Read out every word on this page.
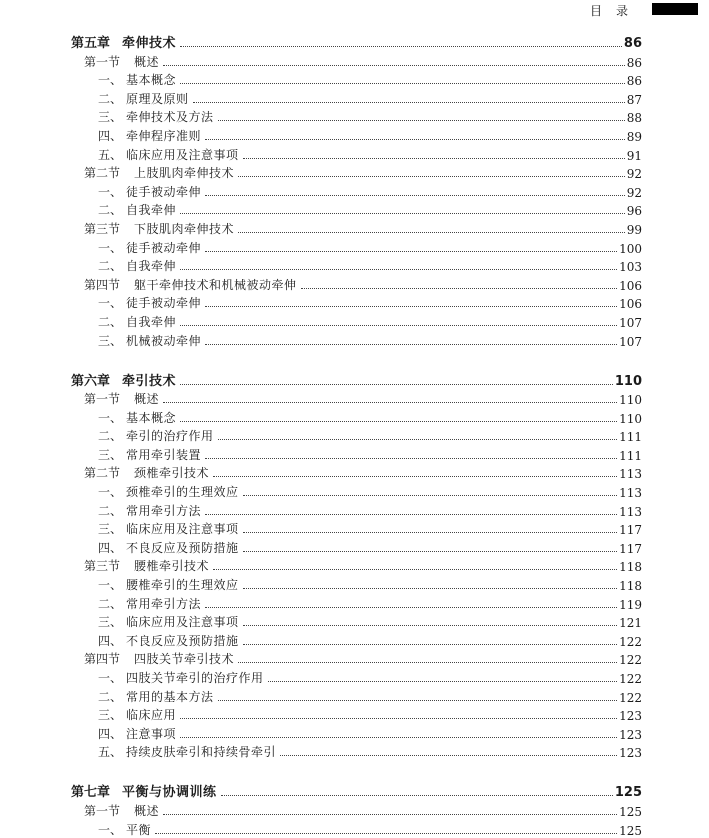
目录
第五章 牵伸技术	86
第一节 概述	86
一、 基本概念	86
二、 原理及原则	87
三、 牵伸技术及方法	88
四、 牵伸程序准则	89
五、 临床应用及注意事项	91
第二节 上肢肌肉牵伸技术	92
一、 徒手被动牵伸	92
二、 自我牵伸	96
第三节 下肢肌肉牵伸技术	99
一、 徒手被动牵伸	100
二、 自我牵伸	103
第四节 躯干牵伸技术和机械被动牵伸	106
一、 徒手被动牵伸	106
二、 自我牵伸	107
三、 机械被动牵伸	107
第六章 牵引技术	110
第一节 概述	110
一、 基本概念	110
二、 牵引的治疗作用	111
三、 常用牵引装置	111
第二节 颈椎牵引技术	113
一、 颈椎牵引的生理效应	113
二、 常用牵引方法	113
三、 临床应用及注意事项	117
四、 不良反应及预防措施	117
第三节 腰椎牵引技术	118
一、 腰椎牵引的生理效应	118
二、 常用牵引方法	119
三、 临床应用及注意事项	121
四、 不良反应及预防措施	122
第四节 四肢关节牵引技术	122
一、 四肢关节牵引的治疗作用	122
二、 常用的基本方法	122
三、 临床应用	123
四、 注意事项	123
五、 持续皮肤牵引和持续骨牵引	123
第七章 平衡与协调训练	125
第一节 概述	125
一、 平衡	125
